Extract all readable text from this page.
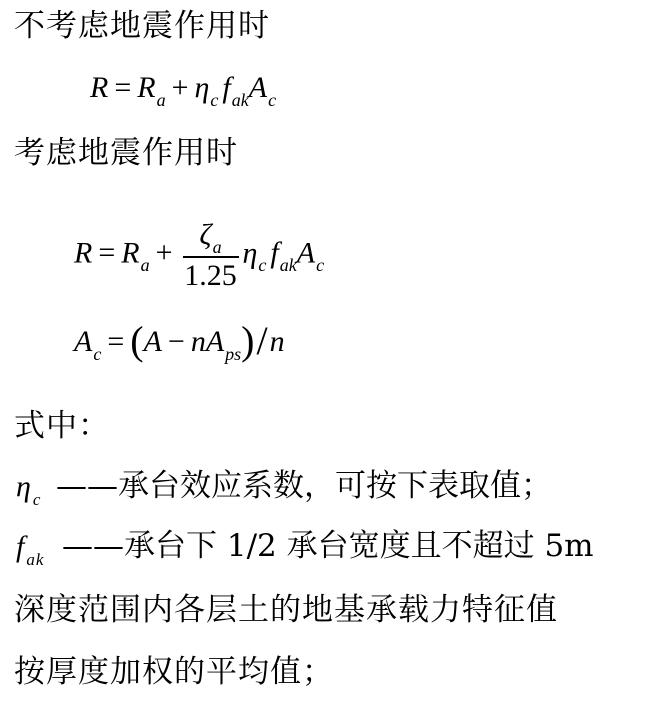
不考虑地震作用时
$R = R_a + \eta_c$ $f_{ak}A_c$
考虑地震作用时
$R = R_a + \frac{\zeta_a}{1.25} \eta_c$ $f_{ak}A_c$
$A_c = (A - nA_{ps})/n$
式中：
$\eta_c$ ——承台效应系数，可按下表取值；
$f_{ak}$ ——承台下 1/2 承台宽度且不超过 5m
深度范围内各层土的地基承载力特征值
按厚度加权的平均值；
